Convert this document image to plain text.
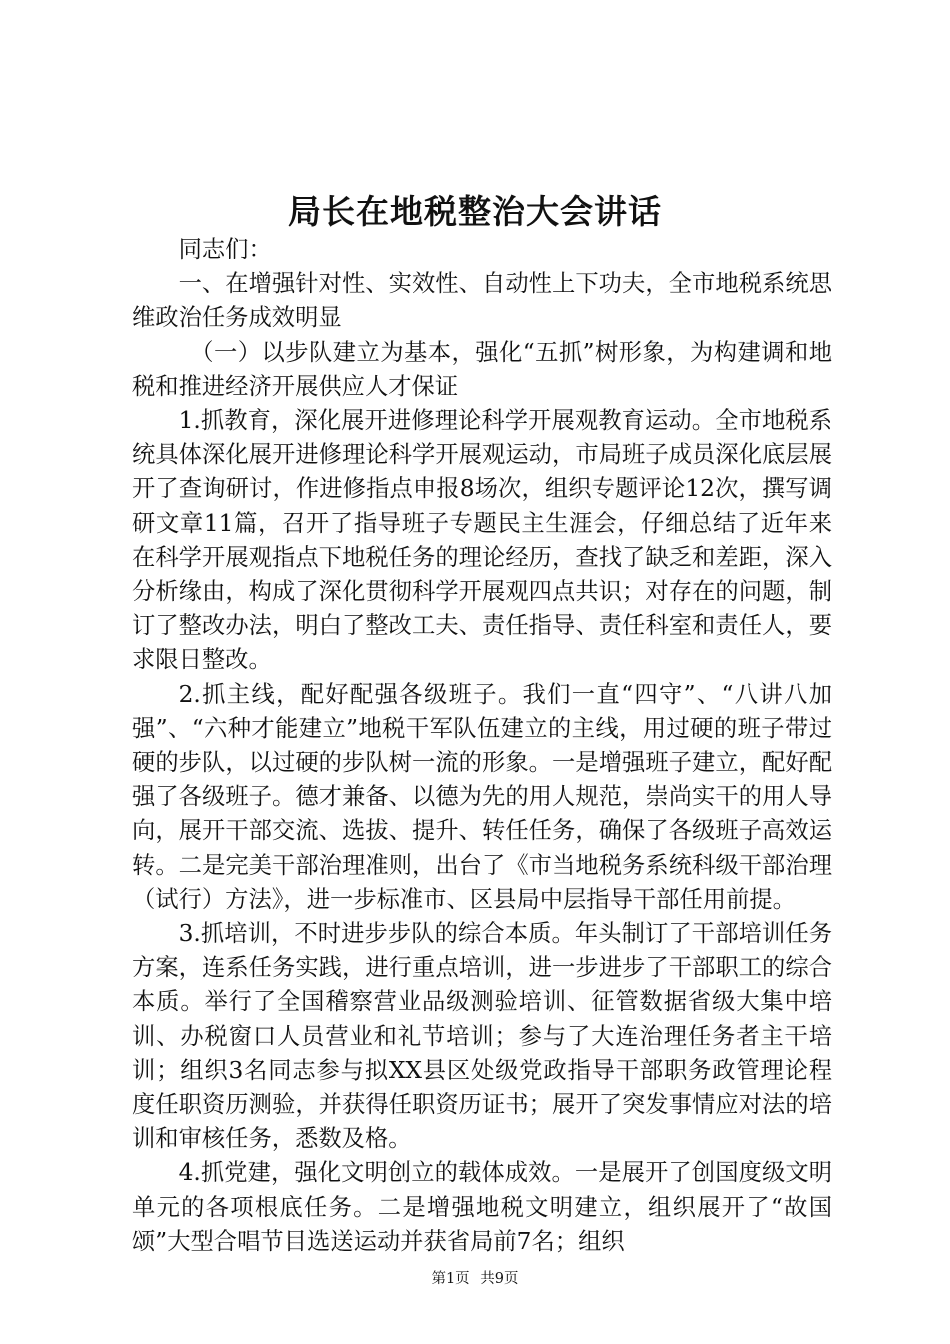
局长在地税整治大会讲话

同志们：

一、在增强针对性、实效性、自动性上下功夫，全市地税系统思维政治任务成效明显

（一）以步队建立为基本，强化“五抓”树形象，为构建调和地税和推进经济开展供应人才保证

1.抓教育，深化展开进修理论科学开展观教育运动。全市地税系统具体深化展开进修理论科学开展观运动，市局班子成员深化底层展开了查询研讨，作进修指点申报8场次，组织专题评论12次，撰写调研文章11篇，召开了指导班子专题民主生涯会，仔细总结了近年来在科学开展观指点下地税任务的理论经历，查找了缺乏和差距，深入分析缘由，构成了深化贯彻科学开展观四点共识；对存在的问题，制订了整改办法，明白了整改工夫、责任指导、责任科室和责任人，要求限日整改。

2.抓主线，配好配强各级班子。我们一直“四守”、“八讲八加强”、“六种才能建立”地税干军队伍建立的主线，用过硬的班子带过硬的步队，以过硬的步队树一流的形象。一是增强班子建立，配好配强了各级班子。德才兼备、以德为先的用人规范，崇尚实干的用人导向，展开干部交流、选拔、提升、转任任务，确保了各级班子高效运转。二是完美干部治理准则，出台了《市当地税务系统科级干部治理（试行）方法》，进一步标准市、区县局中层指导干部任用前提。

3.抓培训，不时进步步队的综合本质。年头制订了干部培训任务方案，连系任务实践，进行重点培训，进一步进步了干部职工的综合本质。举行了全国稽察营业品级测验培训、征管数据省级大集中培训、办税窗口人员营业和礼节培训；参与了大连治理任务者主干培训；组织3名同志参与拟XX县区处级党政指导干部职务政管理论程度任职资历测验，并获得任职资历证书；展开了突发事情应对法的培训和审核任务，悉数及格。

4.抓党建，强化文明创立的载体成效。一是展开了创国度级文明单元的各项根底任务。二是增强地税文明建立，组织展开了“故国颂”大型合唱节目选送运动并获省局前7名；组织

第1页 共9页
